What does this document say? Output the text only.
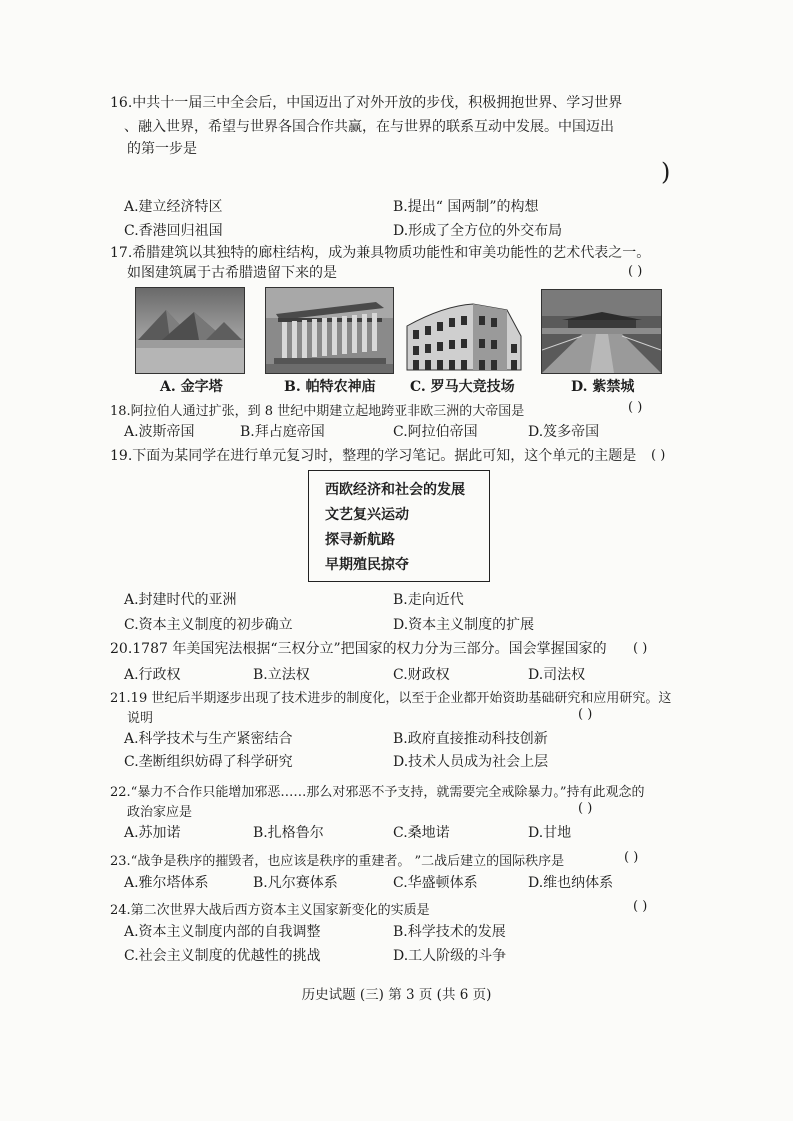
16.中共十一届三中全会后，中国迈出了对外开放的步伐，积极拥抱世界、学习世界
、融入世界，希望与世界各国合作共赢，在与世界的联系互动中发展。中国迈出
的第一步是
)
A.建立经济特区	B.提出“ 国两制”的构想
C.香港回归祖国	D.形成了全方位的外交布局
17.希腊建筑以其独特的廊柱结构，成为兼具物质功能性和审美功能性的艺术代表之一。
如图建筑属于古希腊遗留下来的是	( )
A. 金字塔	B. 帕特农神庙 C. 罗马大竞技场	D. 紫禁城
18.阿拉伯人通过扩张，到 8 世纪中期建立起地跨亚非欧三洲的大帝国是	( )
A.波斯帝国	B.拜占庭帝国	C.阿拉伯帝国	D.笈多帝国
19.下面为某同学在进行单元复习时，整理的学习笔记。据此可知，这个单元的主题是 ( )
西欧经济和社会的发展
文艺复兴运动
探寻新航路
早期殖民掠夺
A.封建时代的亚洲	B.走向近代
C.资本主义制度的初步确立	D.资本主义制度的扩展
20.1787 年美国宪法根据“三权分立”把国家的权力分为三部分。国会掌握国家的 ( )
A.行政权	B.立法权	C.财政权	D.司法权
21.19 世纪后半期逐步出现了技术进步的制度化，以至于企业都开始资助基础研究和应用研究。这
说明	( )
A.科学技术与生产紧密结合	B.政府直接推动科技创新
C.垄断组织妨碍了科学研究	D.技术人员成为社会上层
22.“暴力不合作只能增加邪恶……那么对邪恶不予支持，就需要完全戒除暴力。”持有此观念的
政治家应是	( )
A.苏加诺	B.扎格鲁尔	C.桑地诺	D.甘地
23.“战争是秩序的摧毁者，也应该是秩序的重建者。 ”二战后建立的国际秩序是	( )
A.雅尔塔体系	B.凡尔赛体系	C.华盛顿体系	D.维也纳体系
24.第二次世界大战后西方资本主义国家新变化的实质是	( )
A.资本主义制度内部的自我调整	B.科学技术的发展
C.社会主义制度的优越性的挑战	D.工人阶级的斗争
历史试题 (三) 第 3 页 (共 6 页)
